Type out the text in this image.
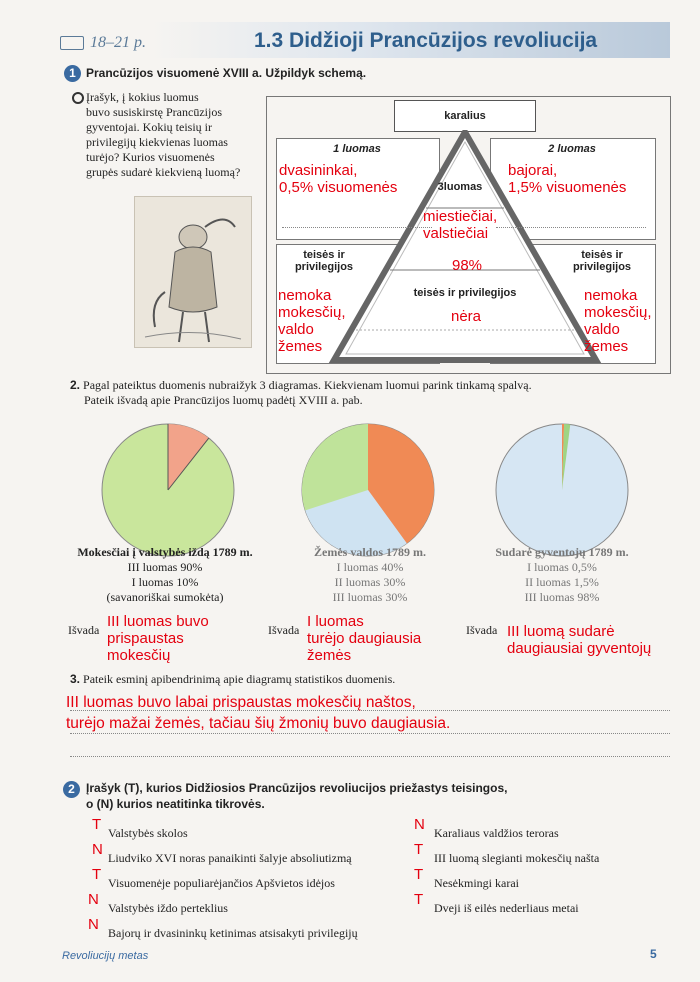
18–21 p.	1.3 Didžioji Prancūzijos revoliucija
1 Prancūzijos visuomenė XVIII a. Užpildyk schemą.
Įrašyk, į kokius luomus
buvo susiskirstę Prancūzijos
gyventojai. Kokių teisių ir
privilegijų kiekvienas luomas
turėjo? Kurios visuomenės
grupės sudarė kiekvieną luomą?
karalius
1 luomas	2 luomas
teisės ir privilegijos
teisės ir privilegijos
3luomas
teisės ir privilegijos
dvasininkai,
0,5% visuomenės
bajorai,
1,5% visuomenės
miestiečiai,
valstiečiai
98%
nemoka
mokesčių,
valdo
žemes
nėra
nemoka
mokesčių,
valdo
žemes
2. Pagal pateiktus duomenis nubraižyk 3 diagramas. Kiekvienam luomui parink tinkamą spalvą.
Pateik išvadą apie Prancūzijos luomų padėtį XVIII a. pab.
Mokesčiai į valstybės iždą 1789 m.
III luomas 90%
I luomas 10%
(savanoriškai sumokėta)
Žemės valdos 1789 m.
I luomas 40%
II luomas 30%
III luomas 30%
Sudarė gyventojų 1789 m.
I luomas 0,5%
II luomas 1,5%
III luomas 98%
Išvada	Išvada	Išvada
III luomas buvo
prispaustas
mokesčių
I luomas
turėjo daugiausia
žemės
III luomą sudarė
daugiausiai gyventojų
3. Pateik esminį apibendrinimą apie diagramų statistikos duomenis.
III luomas buvo labai prispaustas mokesčių naštos,
turėjo mažai žemės, tačiau šių žmonių buvo daugiausia.
2 Įrašyk (T), kurios Didžiosios Prancūzijos revoliucijos priežastys teisingos,
o (N) kurios neatitinka tikrovės.
T Valstybės skolos
N Liudviko XVI noras panaikinti šalyje absoliutizmą
T Visuomenėje populiarėjančios Apšvietos idėjos
N Valstybės iždo perteklius
N Bajorų ir dvasininkų ketinimas atsisakyti privilegijų
N Karaliaus valdžios teroras
T III luomą slegianti mokesčių našta
T Nesėkmingi karai
T Dveji iš eilės nederliaus metai
Revoliucijų metas	5
